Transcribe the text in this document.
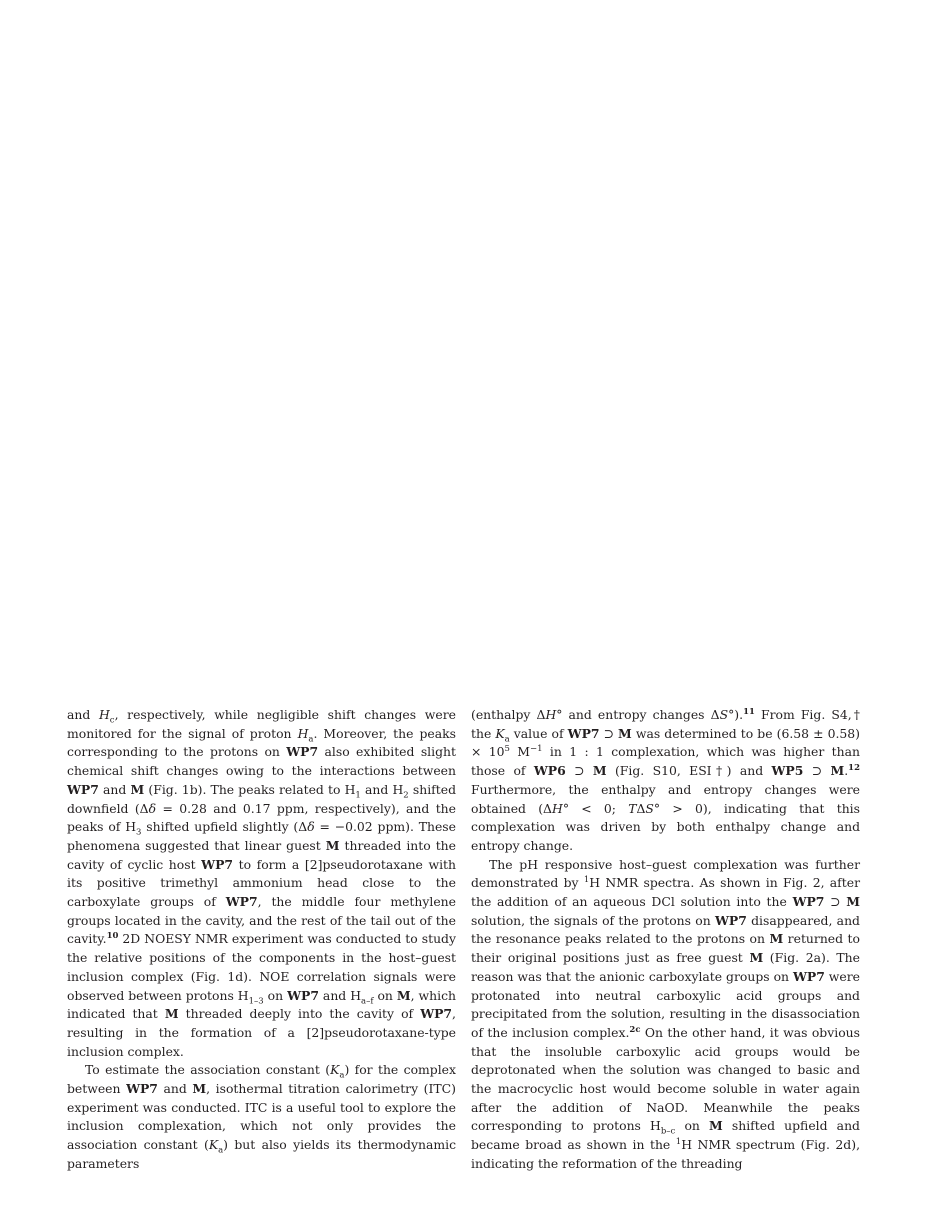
and $H_c$, respectively, while negligible shift changes were monitored for the signal of proton $H_a$. Moreover, the peaks corresponding to the protons on WP7 also exhibited slight chemical shift changes owing to the interactions between WP7 and M (Fig. 1b). The peaks related to $H_1$ and $H_2$ shifted downfield (Δδ = 0.28 and 0.17 ppm, respectively), and the peaks of $H_3$ shifted upfield slightly (Δδ = −0.02 ppm). These phenomena suggested that linear guest M threaded into the cavity of cyclic host WP7 to form a [2]pseudorotaxane with its positive trimethyl ammonium head close to the carboxylate groups of WP7, the middle four methylene groups located in the cavity, and the rest of the tail out of the cavity.$^{10}$ 2D NOESY NMR experiment was conducted to study the relative positions of the components in the host–guest inclusion complex (Fig. 1d). NOE correlation signals were observed between protons $H_{1-3}$ on WP7 and $H_{a-f}$ on M, which indicated that M threaded deeply into the cavity of WP7, resulting in the formation of a [2]pseudorotaxane-type inclusion complex.

To estimate the association constant $(K_a)$ for the complex between WP7 and M, isothermal titration calorimetry (ITC) experiment was conducted. ITC is a useful tool to explore the inclusion complexation, which not only provides the association constant $(K_a)$ but also yields its thermodynamic parameters

(enthalpy ΔH° and entropy changes ΔS°).$^{11}$ From Fig. S4,† the $K_a$ value of WP7 ⊃ M was determined to be $(6.58 \pm 0.58) \times 10^5$ $M^{-1}$ in 1 : 1 complexation, which was higher than those of WP6 ⊃ M (Fig. S10, ESI†) and WP5 ⊃ M.$^{12}$ Furthermore, the enthalpy and entropy changes were obtained (ΔH° < 0; TΔS° > 0), indicating that this complexation was driven by both enthalpy change and entropy change.

The pH responsive host–guest complexation was further demonstrated by $^1$H NMR spectra. As shown in Fig. 2, after the addition of an aqueous DCl solution into the WP7 ⊃ M solution, the signals of the protons on WP7 disappeared, and the resonance peaks related to the protons on M returned to their original positions just as free guest M (Fig. 2a). The reason was that the anionic carboxylate groups on WP7 were protonated into neutral carboxylic acid groups and precipitated from the solution, resulting in the disassociation of the inclusion complex.$^{2c}$ On the other hand, it was obvious that the insoluble carboxylic acid groups would be deprotonated when the solution was changed to basic and the macrocyclic host would become soluble in water again after the addition of NaOD. Meanwhile the peaks corresponding to protons $H_{b-c}$ on M shifted upfield and became broad as shown in the $^1$H NMR spectrum (Fig. 2d), indicating the reformation of the threading
